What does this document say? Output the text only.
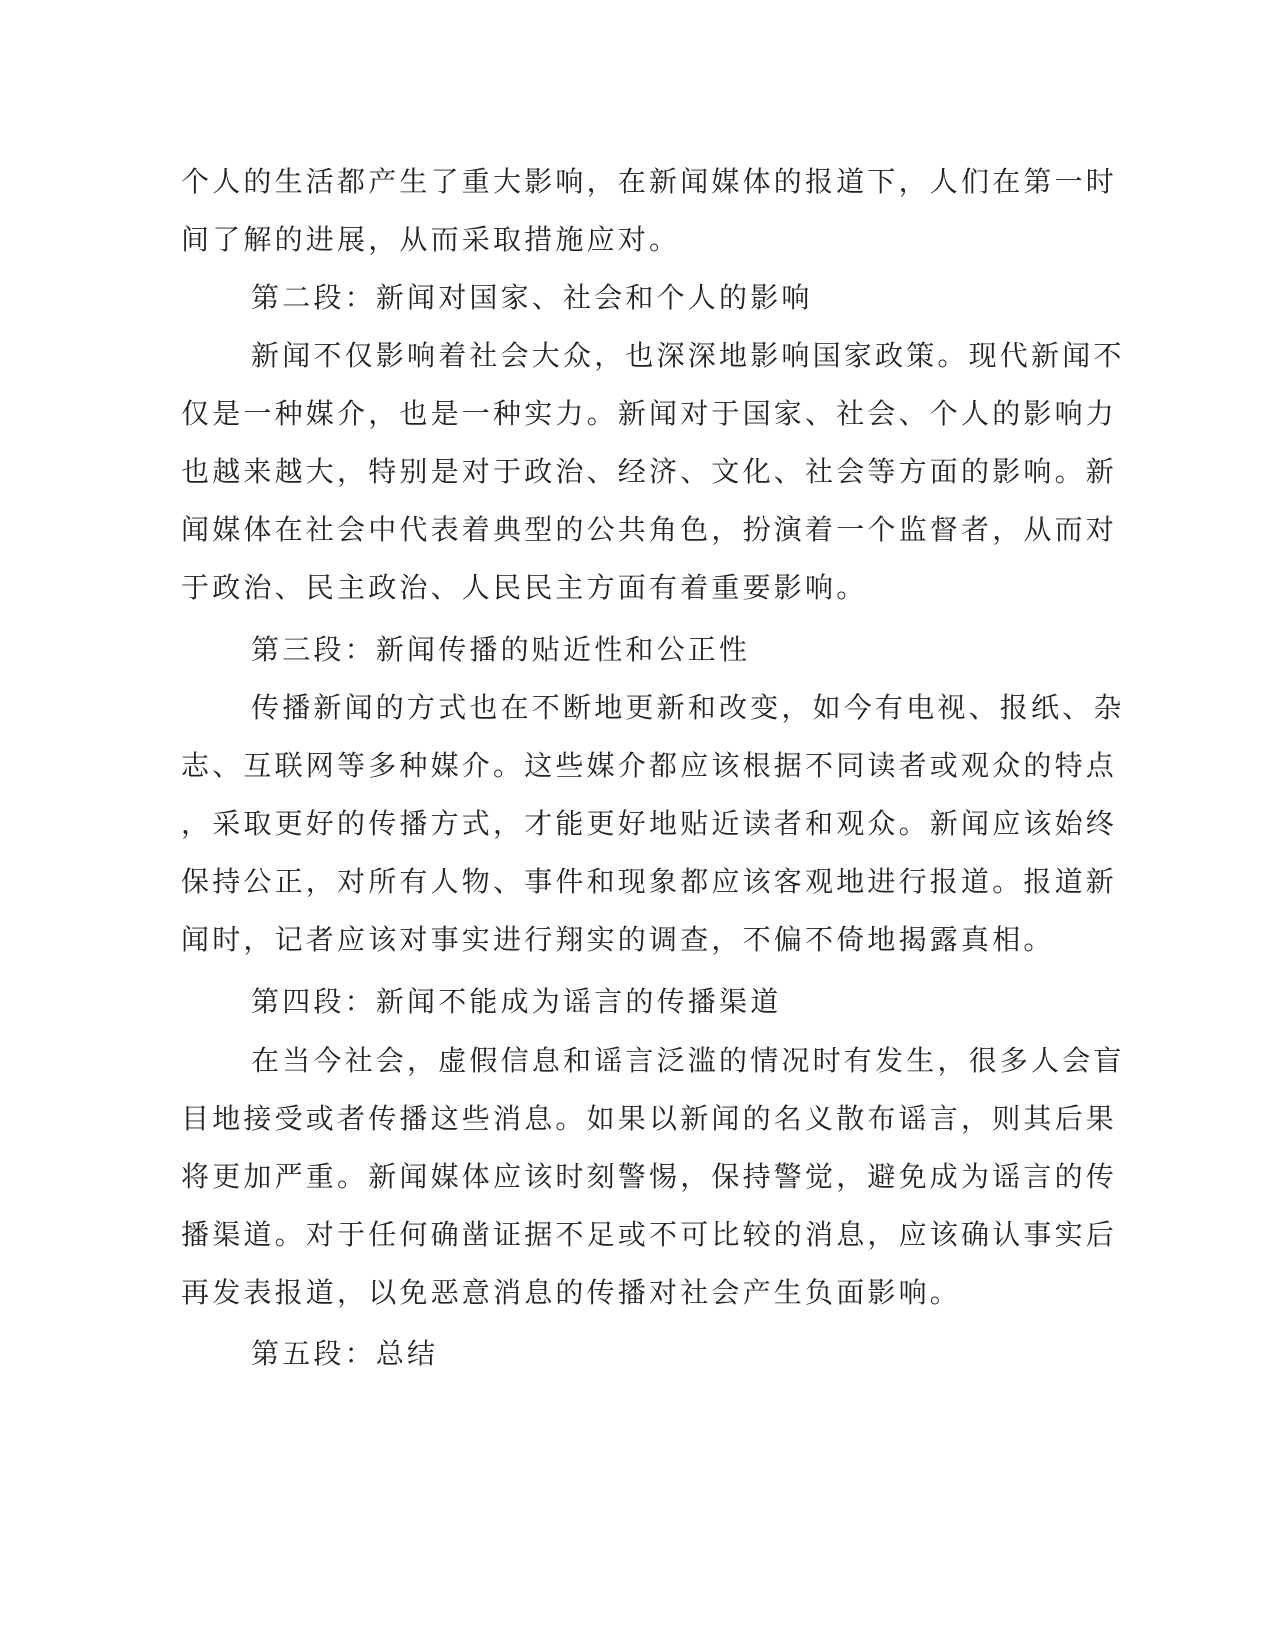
个人的生活都产生了重大影响，在新闻媒体的报道下，人们在第一时

间了解的进展，从而采取措施应对。

第二段：新闻对国家、社会和个人的影响

新闻不仅影响着社会大众，也深深地影响国家政策。现代新闻不

仅是一种媒介，也是一种实力。新闻对于国家、社会、个人的影响力

也越来越大，特别是对于政治、经济、文化、社会等方面的影响。新

闻媒体在社会中代表着典型的公共角色，扮演着一个监督者，从而对

于政治、民主政治、人民民主方面有着重要影响。

第三段：新闻传播的贴近性和公正性

传播新闻的方式也在不断地更新和改变，如今有电视、报纸、杂

志、互联网等多种媒介。这些媒介都应该根据不同读者或观众的特点

，采取更好的传播方式，才能更好地贴近读者和观众。新闻应该始终

保持公正，对所有人物、事件和现象都应该客观地进行报道。报道新

闻时，记者应该对事实进行翔实的调查，不偏不倚地揭露真相。

第四段：新闻不能成为谣言的传播渠道

在当今社会，虚假信息和谣言泛滥的情况时有发生，很多人会盲

目地接受或者传播这些消息。如果以新闻的名义散布谣言，则其后果

将更加严重。新闻媒体应该时刻警惕，保持警觉，避免成为谣言的传

播渠道。对于任何确凿证据不足或不可比较的消息，应该确认事实后

再发表报道，以免恶意消息的传播对社会产生负面影响。

第五段：总结
